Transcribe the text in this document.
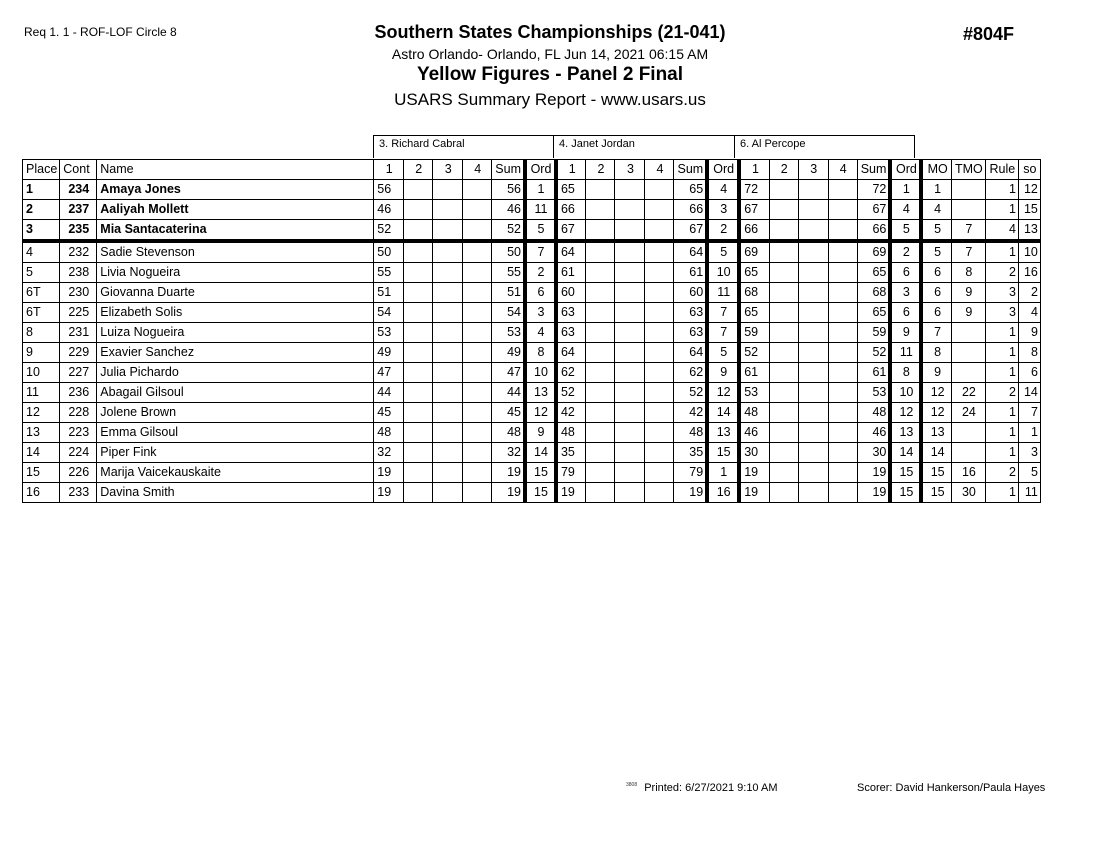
Req 1. 1 - ROF-LOF Circle 8	Southern States Championships (21-041)
Astro Orlando- Orlando, FL Jun 14, 2021 06:15 AM
Yellow Figures - Panel 2 Final
USARS Summary Report - www.usars.us
#804F
3. Richard Cabral	4. Janet Jordan	6. Al Percope
Place	Cont	Name	1	2	3	4	Sum	Ord	1	2	3	4	Sum	Ord	1	2	3	4	Sum	Ord	MO	TMO	Rule	so
1	234	Amaya Jones	56				56	1	65				65	4	72				72	1	1		1	12
2	237	Aaliyah Mollett	46				46	11	66				66	3	67				67	4	4		1	15
3	235	Mia Santacaterina	52				52	5	67				67	2	66				66	5	5	7	4	13
4	232	Sadie Stevenson	50				50	7	64				64	5	69				69	2	5	7	1	10
5	238	Livia Nogueira	55				55	2	61				61	10	65				65	6	6	8	2	16
6T	230	Giovanna Duarte	51				51	6	60				60	11	68				68	3	6	9	3	2
6T	225	Elizabeth Solis	54				54	3	63				63	7	65				65	6	6	9	3	4
8	231	Luiza Nogueira	53				53	4	63				63	7	59				59	9	7		1	9
9	229	Exavier Sanchez	49				49	8	64				64	5	52				52	11	8		1	8
10	227	Julia Pichardo	47				47	10	62				62	9	61				61	8	9		1	6
11	236	Abagail Gilsoul	44				44	13	52				52	12	53				53	10	12	22	2	14
12	228	Jolene Brown	45				45	12	42				42	14	48				48	12	12	24	1	7
13	223	Emma Gilsoul	48				48	9	48				48	13	46				46	13	13		1	1
14	224	Piper Fink	32				32	14	35				35	15	30				30	14	14		1	3
15	226	Marija Vaicekauskaite	19				19	15	79				79	1	19				19	15	15	16	2	5
16	233	Davina Smith	19				19	15	19				19	16	19				19	15	15	30	1	11
$^{3808}$ Printed: 6/27/2021 9:10 AM	Scorer: David Hankerson/Paula Hayes
